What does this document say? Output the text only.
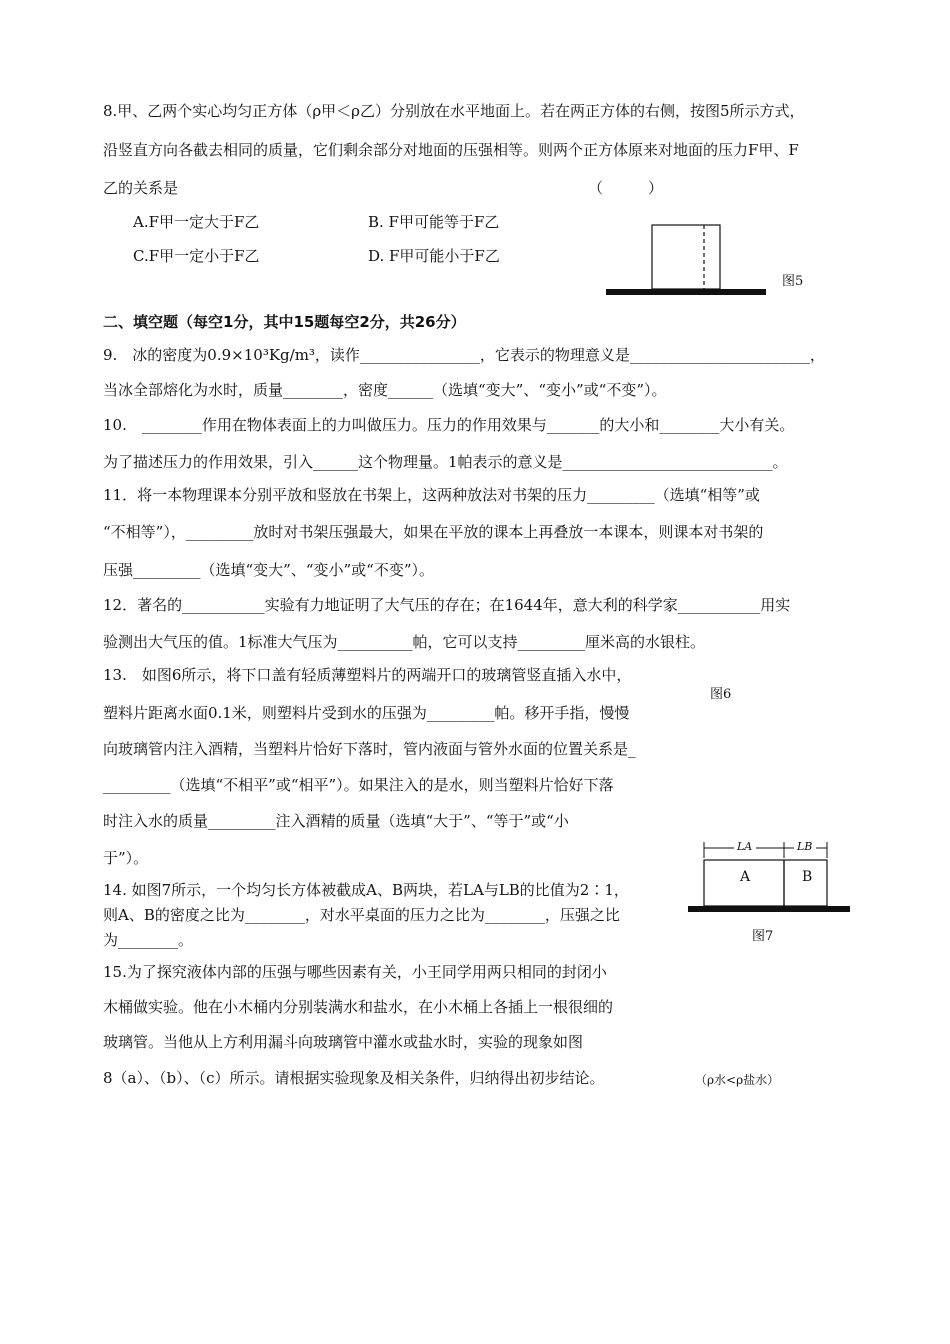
8.甲、乙两个实心均匀正方体（ρ甲＜ρ乙）分别放在水平地面上。若在两正方体的右侧，按图5所示方式，
沿竖直方向各截去相同的质量，它们剩余部分对地面的压强相等。则两个正方体原来对地面的压力F甲、F
乙的关系是	（　　　）
A.F甲一定大于F乙	B. F甲可能等于F乙
C.F甲一定小于F乙	D. F甲可能小于F乙
图5
二、填空题（每空1分，其中15题每空2分，共26分）
9.　冰的密度为0.9×10³Kg/m³，读作________________，它表示的物理意义是________________________，
当冰全部熔化为水时，质量________，密度______（选填“变大”、“变小”或“不变”）。
10.　________作用在物体表面上的力叫做压力。压力的作用效果与_______的大小和________大小有关。
为了描述压力的作用效果，引入______这个物理量。1帕表示的意义是____________________________。
11．将一本物理课本分别平放和竖放在书架上，这两种放法对书架的压力_________（选填“相等”或
“不相等”），_________放时对书架压强最大，如果在平放的课本上再叠放一本课本，则课本对书架的
压强_________（选填“变大”、“变小”或“不变”）。
12．著名的___________实验有力地证明了大气压的存在；在1644年，意大利的科学家___________用实
验测出大气压的值。1标准大气压为__________帕，它可以支持_________厘米高的水银柱。
13.　如图6所示，将下口盖有轻质薄塑料片的两端开口的玻璃管竖直插入水中，
图6
塑料片距离水面0.1米，则塑料片受到水的压强为_________帕。移开手指，慢慢
向玻璃管内注入酒精，当塑料片恰好下落时，管内液面与管外水面的位置关系是_
_________（选填“不相平”或“相平”）。如果注入的是水，则当塑料片恰好下落
时注入水的质量_________注入酒精的质量（选填“大于”、“等于”或“小
于”）。
LA	LB
A	B
图7
14. 如图7所示，一个均匀长方体被截成A、B两块，若LA与LB的比值为2∶1，
则A、B的密度之比为________，对水平桌面的压力之比为________，压强之比
为________。
15.为了探究液体内部的压强与哪些因素有关，小王同学用两只相同的封闭小
木桶做实验。他在小木桶内分别装满水和盐水，在小木桶上各插上一根很细的
玻璃管。当他从上方利用漏斗向玻璃管中灌水或盐水时，实验的现象如图
8（a）、（b）、（c）所示。请根据实验现象及相关条件，归纳得出初步结论。	（ρ水<ρ盐水）
